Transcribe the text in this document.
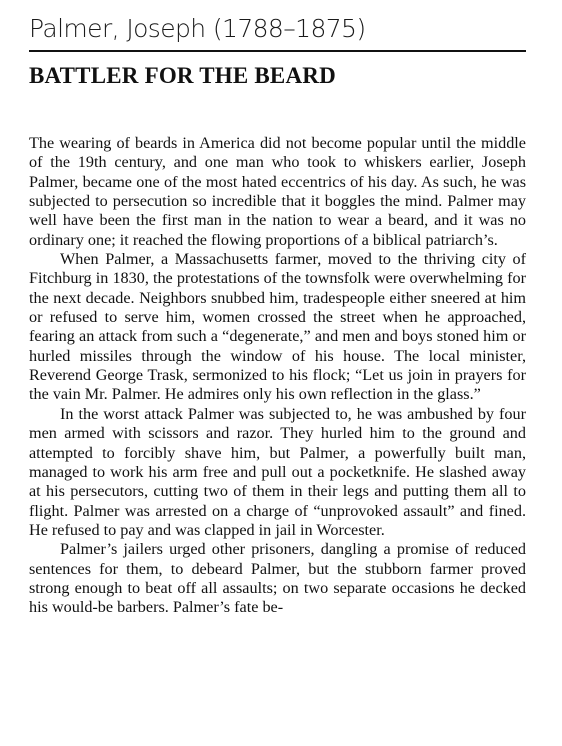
Palmer, Joseph (1788–1875)
BATTLER FOR THE BEARD

The wearing of beards in America did not become popular until the middle of the 19th century, and one man who took to whiskers earlier, Joseph Palmer, became one of the most hated eccentrics of his day. As such, he was subjected to persecution so incredible that it boggles the mind. Palmer may well have been the first man in the nation to wear a beard, and it was no ordinary one; it reached the flowing proportions of a biblical patriarch’s.

When Palmer, a Massachusetts farmer, moved to the thriving city of Fitchburg in 1830, the protestations of the townsfolk were overwhelming for the next decade. Neighbors snubbed him, tradespeople either sneered at him or refused to serve him, women crossed the street when he approached, fearing an attack from such a “degenerate,” and men and boys stoned him or hurled missiles through the window of his house. The local minister, Reverend George Trask, sermonized to his flock; “Let us join in prayers for the vain Mr. Palmer. He admires only his own reflection in the glass.”

In the worst attack Palmer was subjected to, he was ambushed by four men armed with scissors and razor. They hurled him to the ground and attempted to forcibly shave him, but Palmer, a powerfully built man, managed to work his arm free and pull out a pocketknife. He slashed away at his persecutors, cutting two of them in their legs and putting them all to flight. Palmer was arrested on a charge of “unprovoked assault” and fined. He refused to pay and was clapped in jail in Worcester.

Palmer’s jailers urged other prisoners, dangling a promise of reduced sentences for them, to debeard Palmer, but the stubborn farmer proved strong enough to beat off all assaults; on two separate occasions he decked his would-be barbers. Palmer’s fate be-
